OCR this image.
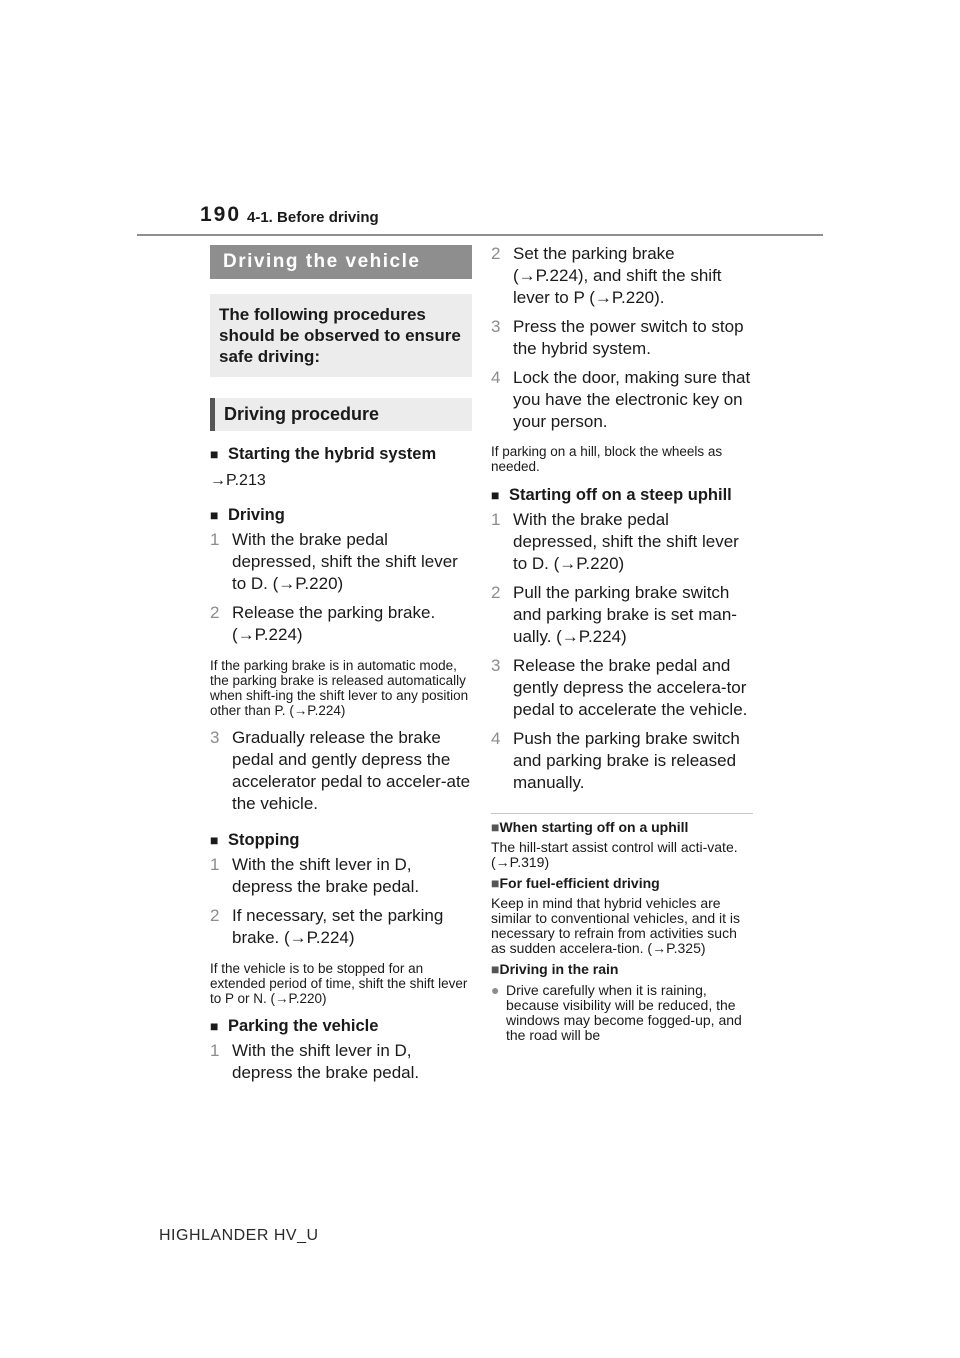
190 4-1. Before driving
Driving the vehicle
The following procedures should be observed to ensure safe driving:
Driving procedure
■ Starting the hybrid system
→P.213
■ Driving
1 With the brake pedal depressed, shift the shift lever to D. (→P.220)
2 Release the parking brake. (→P.224)
If the parking brake is in automatic mode, the parking brake is released automatically when shift-ing the shift lever to any position other than P. (→P.224)
3 Gradually release the brake pedal and gently depress the accelerator pedal to acceler-ate the vehicle.
■ Stopping
1 With the shift lever in D, depress the brake pedal.
2 If necessary, set the parking brake. (→P.224)
If the vehicle is to be stopped for an extended period of time, shift the shift lever to P or N. (→P.220)
■ Parking the vehicle
1 With the shift lever in D, depress the brake pedal.
2 Set the parking brake (→P.224), and shift the shift lever to P (→P.220).
3 Press the power switch to stop the hybrid system.
4 Lock the door, making sure that you have the electronic key on your person.
If parking on a hill, block the wheels as needed.
■ Starting off on a steep uphill
1 With the brake pedal depressed, shift the shift lever to D. (→P.220)
2 Pull the parking brake switch and parking brake is set man-ually. (→P.224)
3 Release the brake pedal and gently depress the accelera-tor pedal to accelerate the vehicle.
4 Push the parking brake switch and parking brake is released manually.
■When starting off on a uphill
The hill-start assist control will acti-vate. (→P.319)
■For fuel-efficient driving
Keep in mind that hybrid vehicles are similar to conventional vehicles, and it is necessary to refrain from activities such as sudden accelera-tion. (→P.325)
■Driving in the rain
● Drive carefully when it is raining, because visibility will be reduced, the windows may become fogged-up, and the road will be
HIGHLANDER HV_U
